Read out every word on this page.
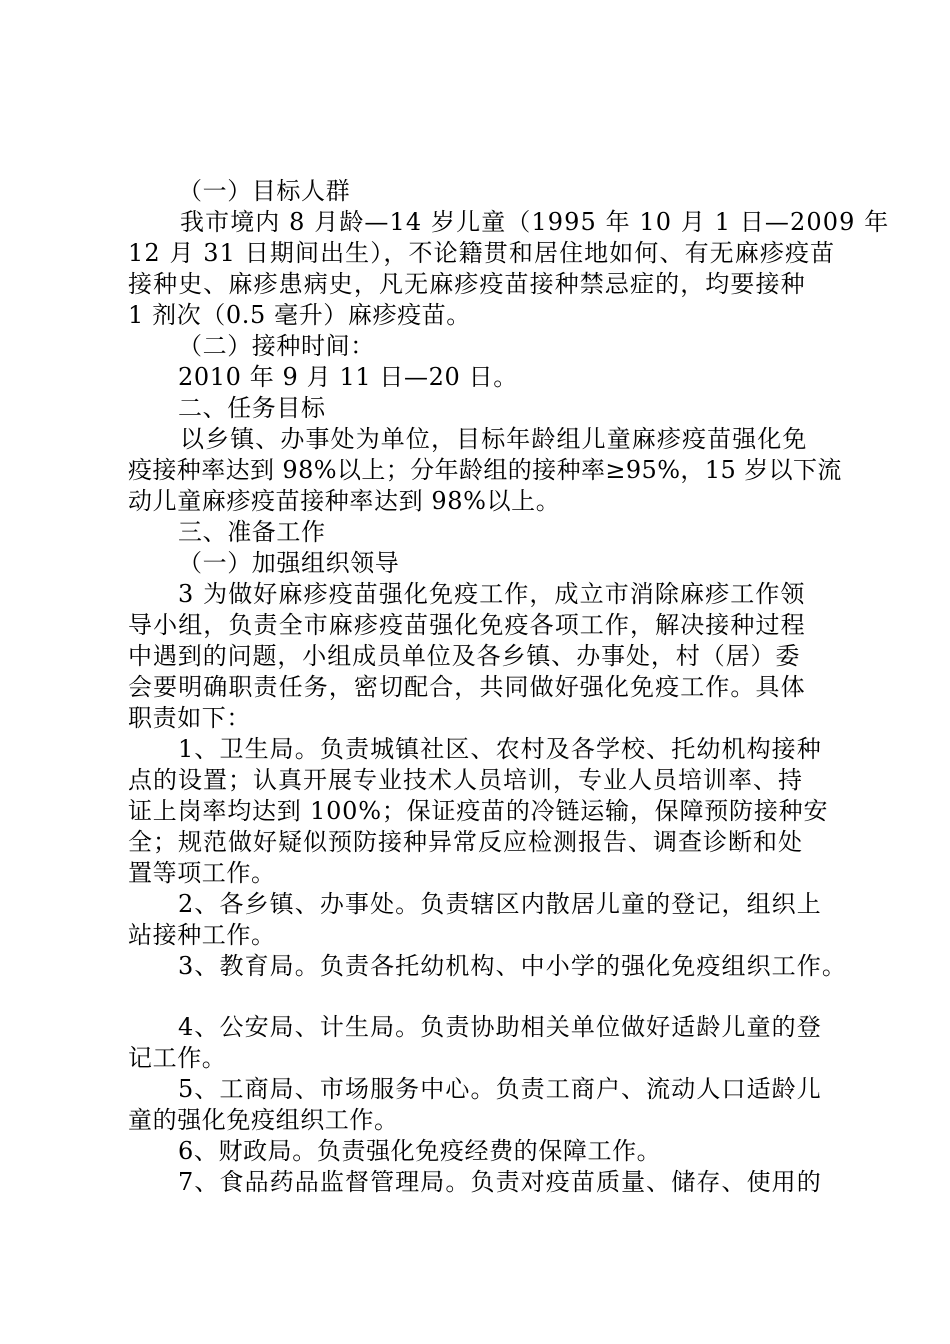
（一）目标人群
我市境内 8 月龄—14 岁儿童（1995 年 10 月 1 日—2009 年
12 月 31 日期间出生），不论籍贯和居住地如何、有无麻疹疫苗
接种史、麻疹患病史，凡无麻疹疫苗接种禁忌症的，均要接种
1 剂次（0.5 毫升）麻疹疫苗。
（二）接种时间：
2010 年 9 月 11 日—20 日。
二、任务目标
以乡镇、办事处为单位，目标年龄组儿童麻疹疫苗强化免
疫接种率达到 98%以上；分年龄组的接种率≥95%，15 岁以下流
动儿童麻疹疫苗接种率达到 98%以上。
三、准备工作
（一）加强组织领导
3 为做好麻疹疫苗强化免疫工作，成立市消除麻疹工作领
导小组，负责全市麻疹疫苗强化免疫各项工作，解决接种过程
中遇到的问题，小组成员单位及各乡镇、办事处，村（居）委
会要明确职责任务，密切配合，共同做好强化免疫工作。具体
职责如下：
1、卫生局。负责城镇社区、农村及各学校、托幼机构接种
点的设置；认真开展专业技术人员培训，专业人员培训率、持
证上岗率均达到 100%；保证疫苗的冷链运输，保障预防接种安
全；规范做好疑似预防接种异常反应检测报告、调查诊断和处
置等项工作。
2、各乡镇、办事处。负责辖区内散居儿童的登记，组织上
站接种工作。
3、教育局。负责各托幼机构、中小学的强化免疫组织工作。
4、公安局、计生局。负责协助相关单位做好适龄儿童的登
记工作。
5、工商局、市场服务中心。负责工商户、流动人口适龄儿
童的强化免疫组织工作。
6、财政局。负责强化免疫经费的保障工作。
7、食品药品监督管理局。负责对疫苗质量、储存、使用的
